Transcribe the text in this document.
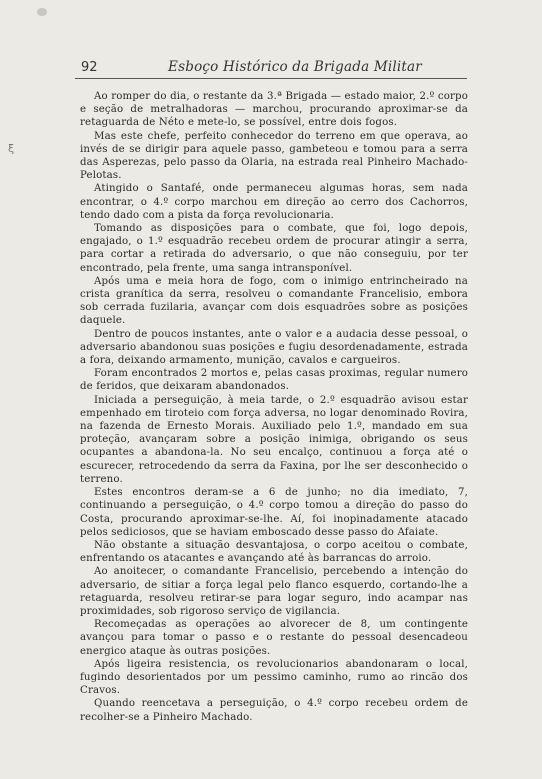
92	Esboço Histórico da Brigada Militar
ξ

Ao romper do dia, o restante da 3.ª Brigada — estado maior, 2.º corpo e seção de metralhadoras — marchou, procurando aproximar-se da retaguarda de Néto e mete-lo, se possível, entre dois fogos.

Mas este chefe, perfeito conhecedor do terreno em que operava, ao invés de se dirigir para aquele passo, gambeteou e tomou para a serra das Asperezas, pelo passo da Olaria, na estrada real Pinheiro Machado-Pelotas.

Atingido o Santafé, onde permaneceu algumas horas, sem nada encontrar, o 4.º corpo marchou em direção ao cerro dos Cachorros, tendo dado com a pista da força revolucionaria.

Tomando as disposições para o combate, que foi, logo depois, engajado, o 1.º esquadrão recebeu ordem de procurar atingir a serra, para cortar a retirada do adversario, o que não conseguiu, por ter encontrado, pela frente, uma sanga intransponível.

Após uma e meia hora de fogo, com o inimigo entrincheirado na crista granítica da serra, resolveu o comandante Francelisio, embora sob cerrada fuzilaria, avançar com dois esquadrões sobre as posições daquele.

Dentro de poucos instantes, ante o valor e a audacia desse pessoal, o adversario abandonou suas posições e fugiu desordenadamente, estrada a fora, deixando armamento, munição, cavalos e cargueiros.

Foram encontrados 2 mortos e, pelas casas proximas, regular numero de feridos, que deixaram abandonados.

Iniciada a perseguição, à meia tarde, o 2.º esquadrão avisou estar empenhado em tiroteio com força adversa, no logar denominado Rovira, na fazenda de Ernesto Morais. Auxiliado pelo 1.º, mandado em sua proteção, avançaram sobre a posição inimiga, obrigando os seus ocupantes a abandona-la. No seu encalço, continuou a força até o escurecer, retrocedendo da serra da Faxina, por lhe ser desconhecido o terreno.

Estes encontros deram-se a 6 de junho; no dia imediato, 7, continuando a perseguição, o 4.º corpo tomou a direção do passo do Costa, procurando aproximar-se-lhe. Aí, foi inopinadamente atacado pelos sediciosos, que se haviam emboscado desse passo do Afaiate.

Não obstante a situação desvantajosa, o corpo aceitou o combate, enfrentando os atacantes e avançando até às barrancas do arroio.

Ao anoitecer, o comandante Francelisio, percebendo a intenção do adversario, de sitiar a força legal pelo flanco esquerdo, cortando-lhe a retaguarda, resolveu retirar-se para logar seguro, indo acampar nas proximidades, sob rigoroso serviço de vigilancia.

Recomeçadas as operações ao alvorecer de 8, um contingente avançou para tomar o passo e o restante do pessoal desencadeou energico ataque às outras posições.

Após ligeira resistencia, os revolucionarios abandonaram o local, fugindo desorientados por um pessimo caminho, rumo ao rincão dos Cravos.

Quando reencetava a perseguição, o 4.º corpo recebeu ordem de recolher-se a Pinheiro Machado.
